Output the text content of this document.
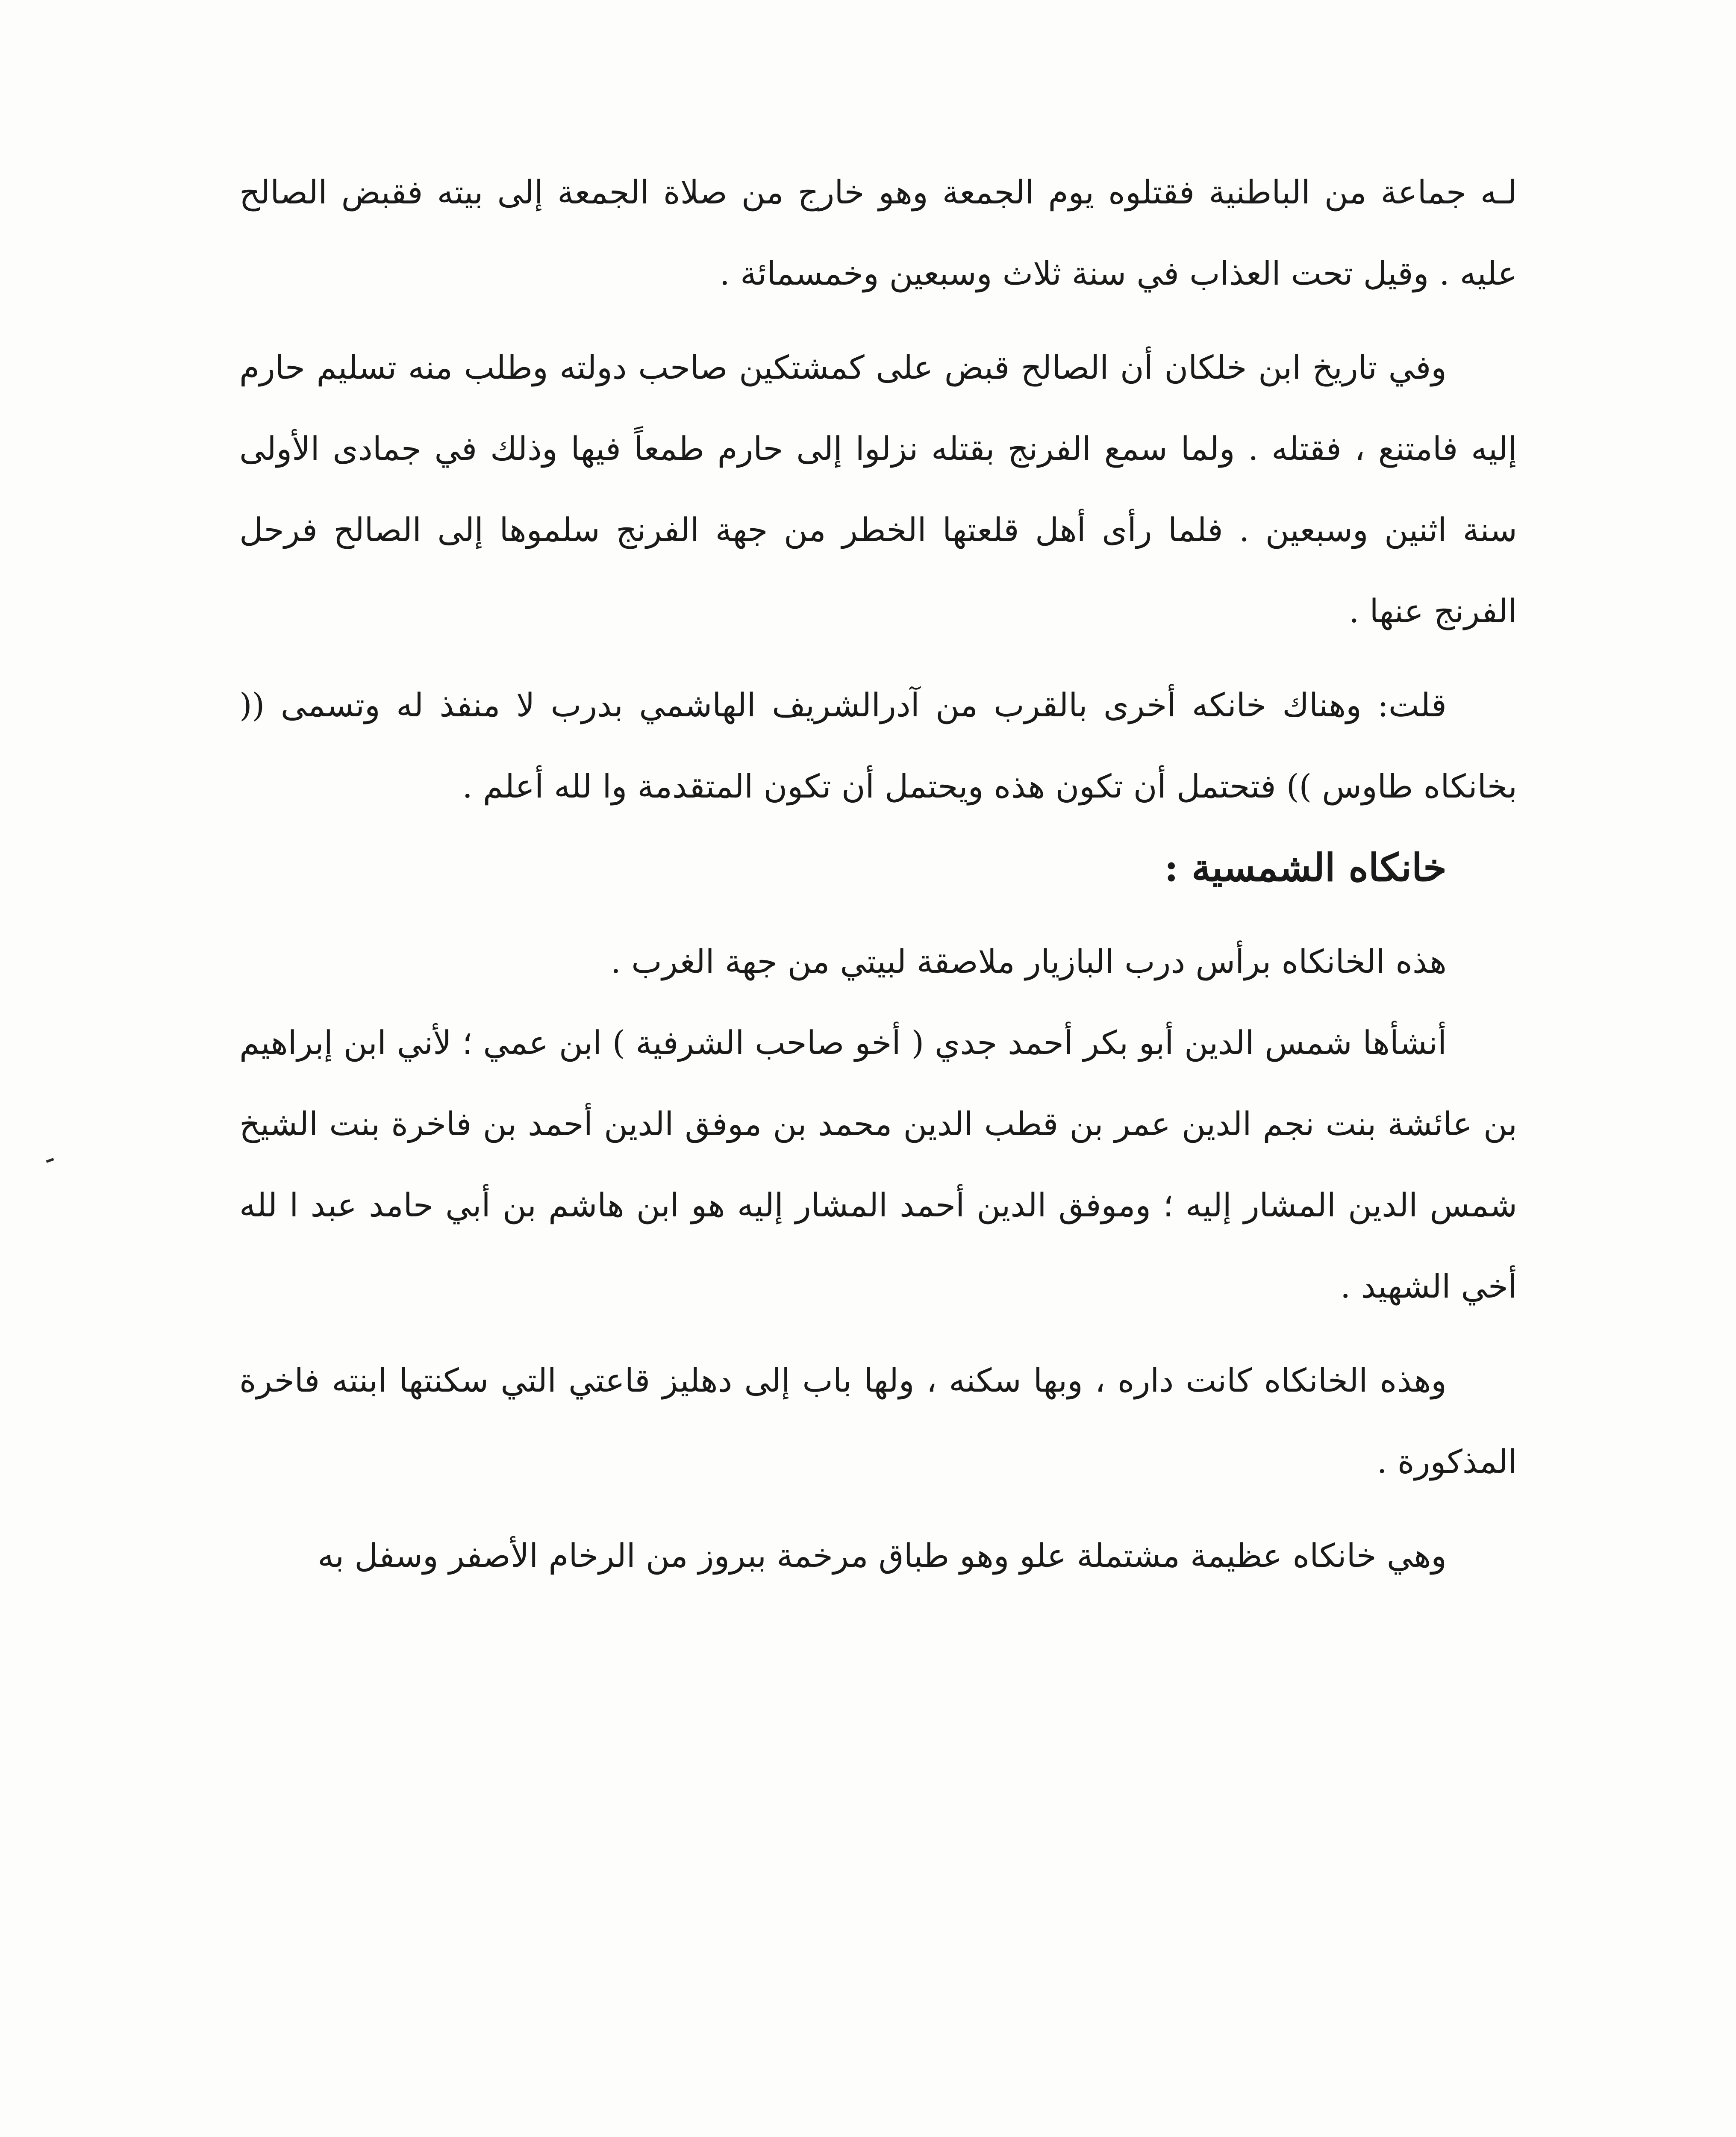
لـه جماعة من الباطنية فقتلوه يوم الجمعة وهو خارج من صلاة الجمعة إلى بيته فقبض الصالح عليه . وقيل تحت العذاب في سنة ثلاث وسبعين وخمسمائة .

وفي تاريخ ابن خلكان أن الصالح قبض على كمشتكين صاحب دولته وطلب منه تسليم حارم إليه فامتنع ، فقتله . ولما سمع الفرنج بقتله نزلوا إلى حارم طمعاً فيها وذلك في جمادى الأولى سنة اثنين وسبعين . فلما رأى أهل قلعتها الخطر من جهة الفرنج سلموها إلى الصالح فرحل الفرنج عنها .

قلت: وهناك خانكه أخرى بالقرب من آدرالشريف الهاشمي بدرب لا منفذ له وتسمى (( بخانكاه طاوس )) فتحتمل أن تكون هذه ويحتمل أن تكون المتقدمة وا لله أعلم .

خانكاه الشمسية :

هذه الخانكاه برأس درب البازيار ملاصقة لبيتي من جهة الغرب .

أنشأها شمس الدين أبو بكر أحمد جدي ( أخو صاحب الشرفية ) ابن عمي ؛ لأني ابن إبراهيم بن عائشة بنت نجم الدين عمر بن قطب الدين محمد بن موفق الدين أحمد بن فاخرة بنت الشيخ شمس الدين المشار إليه ؛ وموفق الدين أحمد المشار إليه هو ابن هاشم بن أبي حامد عبد ا لله أخي الشهيد .

وهذه الخانكاه كانت داره ، وبها سكنه ، ولها باب إلى دهليز قاعتي التي سكنتها ابنته فاخرة المذكورة .

وهي خانكاه عظيمة مشتملة علو وهو طباق مرخمة ببروز من الرخام الأصفر وسفل به
